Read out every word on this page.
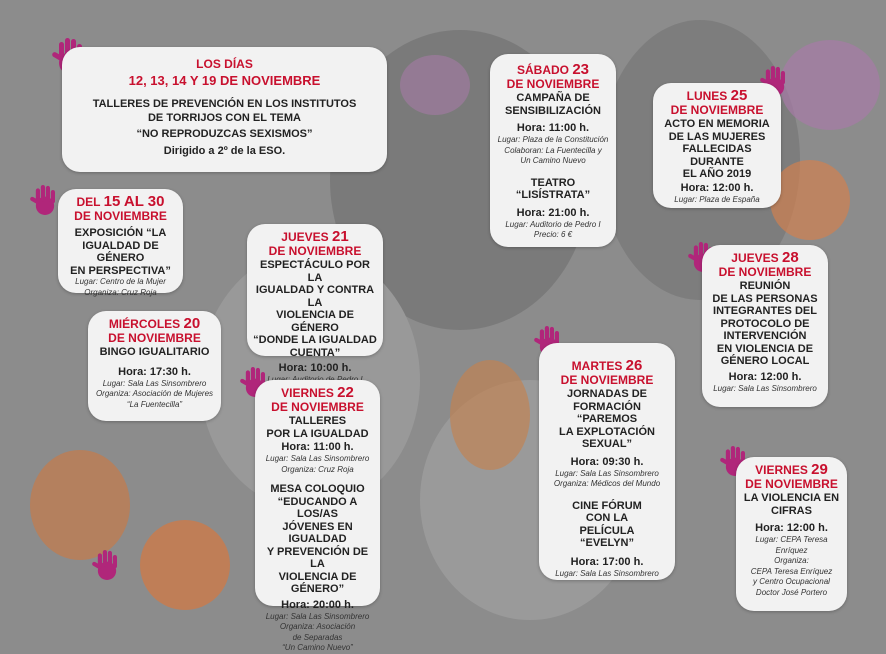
LOS DÍAS
12, 13, 14 Y 19 DE NOVIEMBRE
TALLERES DE PREVENCIÓN EN LOS INSTITUTOS
DE TORRIJOS CON EL TEMA
“NO REPRODUZCAS SEXISMOS”
Dirigido a 2º de la ESO.
DEL 15 AL 30
DE NOVIEMBRE
EXPOSICIÓN “LA
IGUALDAD DE GÉNERO
EN PERSPECTIVA”
Lugar: Centro de la Mujer
Organiza: Cruz Roja
MIÉRCOLES 20
DE NOVIEMBRE
BINGO IGUALITARIO
Hora: 17:30 h.
Lugar: Sala Las Sinsombrero
Organiza: Asociación de Mujeres
“La Fuentecilla”
JUEVES 21
DE NOVIEMBRE
ESPECTÁCULO POR LA
IGUALDAD Y CONTRA LA
VIOLENCIA DE GÉNERO
“DONDE LA IGUALDAD
CUENTA”
Hora: 10:00 h.
VIERNES 22
DE NOVIEMBRE
TALLERES
POR LA IGUALDAD
Hora: 11:00 h.
Lugar: Sala Las Sinsombrero
Organiza: Cruz Roja
MESA COLOQUIO
“EDUCANDO A LOS/AS
JÓVENES EN IGUALDAD
Y PREVENCIÓN DE LA
VIOLENCIA DE GÉNERO”
Hora: 20:00 h.
Lugar: Sala Las Sinsombrero
Organiza: Asociación
de Separadas
“Un Camino Nuevo”
SÁBADO 23
DE NOVIEMBRE
CAMPAÑA DE
SENSIBILIZACIÓN
Hora: 11:00 h.
Lugar: Plaza de la Constitución
Colaboran: La Fuentecilla y
Un Camino Nuevo
TEATRO
“LISÍSTRATA”
Hora: 21:00 h.
Lugar: Auditorio de Pedro I
Precio: 6 €
LUNES 25
DE NOVIEMBRE
ACTO EN MEMORIA
DE LAS MUJERES
FALLECIDAS
DURANTE
EL AÑO 2019
Hora: 12:00 h.
Lugar: Plaza de España
MARTES 26
DE NOVIEMBRE
JORNADAS DE
FORMACIÓN “PAREMOS
LA EXPLOTACIÓN
SEXUAL”
Hora: 09:30 h.
Lugar: Sala Las Sinsombrero
Organiza: Médicos del Mundo
CINE FÓRUM
CON LA
PELÍCULA
“EVELYN”
Hora: 17:00 h.
Lugar: Sala Las Sinsombrero
JUEVES 28
DE NOVIEMBRE
REUNIÓN
DE LAS PERSONAS
INTEGRANTES DEL
PROTOCOLO DE
INTERVENCIÓN
EN VIOLENCIA DE
GÉNERO LOCAL
Hora: 12:00 h.
Lugar: Sala Las Sinsombrero
VIERNES 29
DE NOVIEMBRE
LA VIOLENCIA EN
CIFRAS
Hora: 12:00 h.
Lugar: CEPA Teresa Enríquez
Organiza:
CEPA Teresa Enríquez
y Centro Ocupacional
Doctor José Portero
